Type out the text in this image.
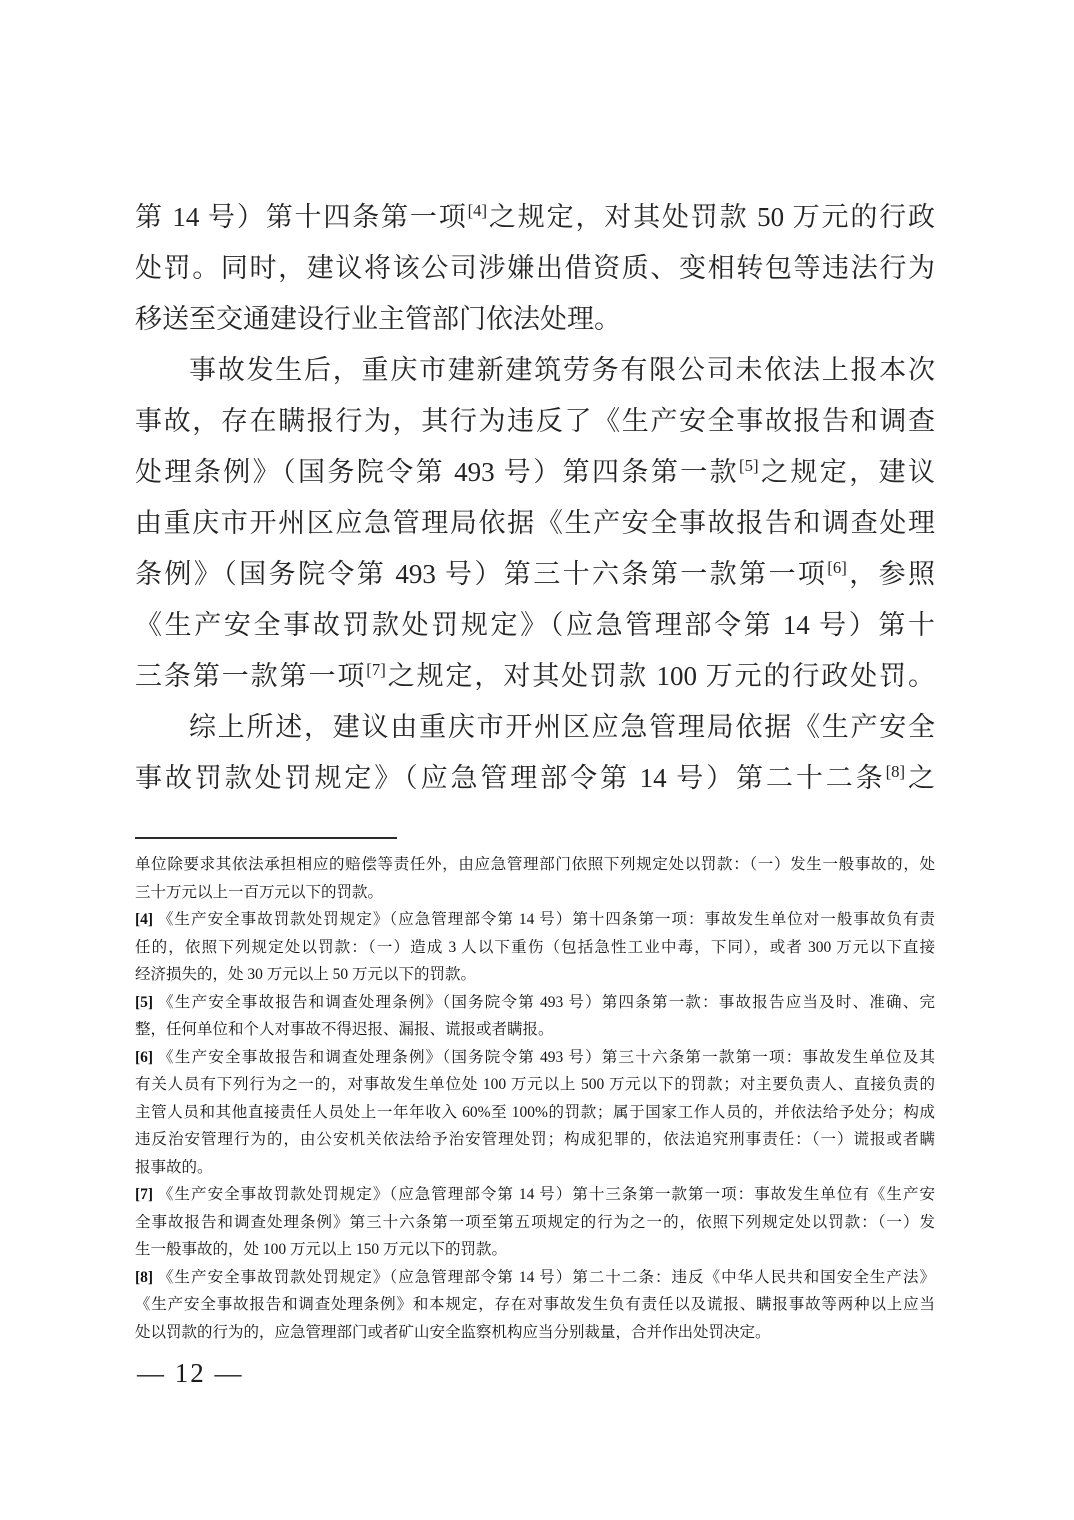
第 14 号）第十四条第一项[4]之规定，对其处罚款 50 万元的行政
处罚。同时，建议将该公司涉嫌出借资质、变相转包等违法行为
移送至交通建设行业主管部门依法处理。
事故发生后，重庆市建新建筑劳务有限公司未依法上报本次
事故，存在瞒报行为，其行为违反了《生产安全事故报告和调查
处理条例》（国务院令第 493 号）第四条第一款[5]之规定，建议
由重庆市开州区应急管理局依据《生产安全事故报告和调查处理
条例》（国务院令第 493 号）第三十六条第一款第一项[6]，参照
《生产安全事故罚款处罚规定》（应急管理部令第 14 号）第十
三条第一款第一项[7]之规定，对其处罚款 100 万元的行政处罚。
综上所述，建议由重庆市开州区应急管理局依据《生产安全
事故罚款处罚规定》（应急管理部令第 14 号）第二十二条[8]之
单位除要求其依法承担相应的赔偿等责任外，由应急管理部门依照下列规定处以罚款：（一）发生一般事故的，处
三十万元以上一百万元以下的罚款。
[4] 《生产安全事故罚款处罚规定》（应急管理部令第 14 号）第十四条第一项：事故发生单位对一般事故负有责
任的，依照下列规定处以罚款：（一）造成 3 人以下重伤（包括急性工业中毒，下同），或者 300 万元以下直接
经济损失的，处 30 万元以上 50 万元以下的罚款。
[5] 《生产安全事故报告和调查处理条例》（国务院令第 493 号）第四条第一款：事故报告应当及时、准确、完
整，任何单位和个人对事故不得迟报、漏报、谎报或者瞒报。
[6] 《生产安全事故报告和调查处理条例》（国务院令第 493 号）第三十六条第一款第一项：事故发生单位及其
有关人员有下列行为之一的，对事故发生单位处 100 万元以上 500 万元以下的罚款；对主要负责人、直接负责的
主管人员和其他直接责任人员处上一年年收入 60%至 100%的罚款；属于国家工作人员的，并依法给予处分；构成
违反治安管理行为的，由公安机关依法给予治安管理处罚；构成犯罪的，依法追究刑事责任：（一）谎报或者瞒
报事故的。
[7] 《生产安全事故罚款处罚规定》（应急管理部令第 14 号）第十三条第一款第一项：事故发生单位有《生产安
全事故报告和调查处理条例》第三十六条第一项至第五项规定的行为之一的，依照下列规定处以罚款：（一）发
生一般事故的，处 100 万元以上 150 万元以下的罚款。
[8] 《生产安全事故罚款处罚规定》（应急管理部令第 14 号）第二十二条：违反《中华人民共和国安全生产法》
《生产安全事故报告和调查处理条例》和本规定，存在对事故发生负有责任以及谎报、瞒报事故等两种以上应当
处以罚款的行为的，应急管理部门或者矿山安全监察机构应当分别裁量，合并作出处罚决定。
— 12 —
